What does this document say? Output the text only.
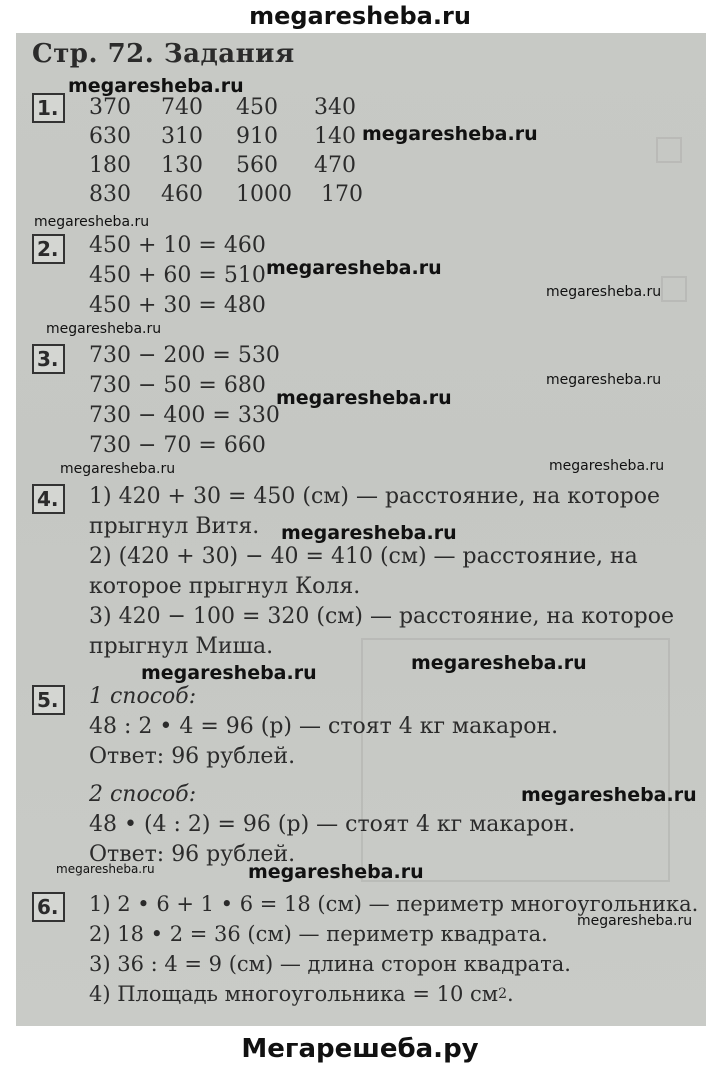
megaresheba.ru
Стр. 72. Задания
1. 370 740 450 340
630 310 910 140
180 130 560 470
830 460 1000 170
2. 450 + 10 = 460
450 + 60 = 510
450 + 30 = 480
3. 730 − 200 = 530
730 − 50 = 680
730 − 400 = 330
730 − 70 = 660
4. 1) 420 + 30 = 450 (см) — расстояние, на которое
прыгнул Витя.
2) (420 + 30) − 40 = 410 (см) — расстояние, на
которое прыгнул Коля.
3) 420 − 100 = 320 (см) — расстояние, на которое
прыгнул Миша.
5. 1 способ:
48 : 2 • 4 = 96 (р) — стоят 4 кг макарон.
Ответ: 96 рублей.
2 способ:
48 • (4 : 2) = 96 (р) — стоят 4 кг макарон.
Ответ: 96 рублей.
6.	1) 2 • 6 + 1 • 6 = 18 (см) — периметр многоугольника.
2) 18 • 2 = 36 (см) — периметр квадрата.
3) 36 : 4 = 9 (см) — длина сторон квадрата.
4) Площадь многоугольника = 10 $см^2$.
megaresheba.ru
megaresheba.ru
megaresheba.ru
megaresheba.ru
megaresheba.ru
megaresheba.ru
megaresheba.ru
megaresheba.ru
megaresheba.ru	megaresheba.ru
megaresheba.ru
megaresheba.ru	megaresheba.ru
megaresheba.ru
megaresheba.ru	megaresheba.ru
megaresheba.ru
Мегарешеба.ру
